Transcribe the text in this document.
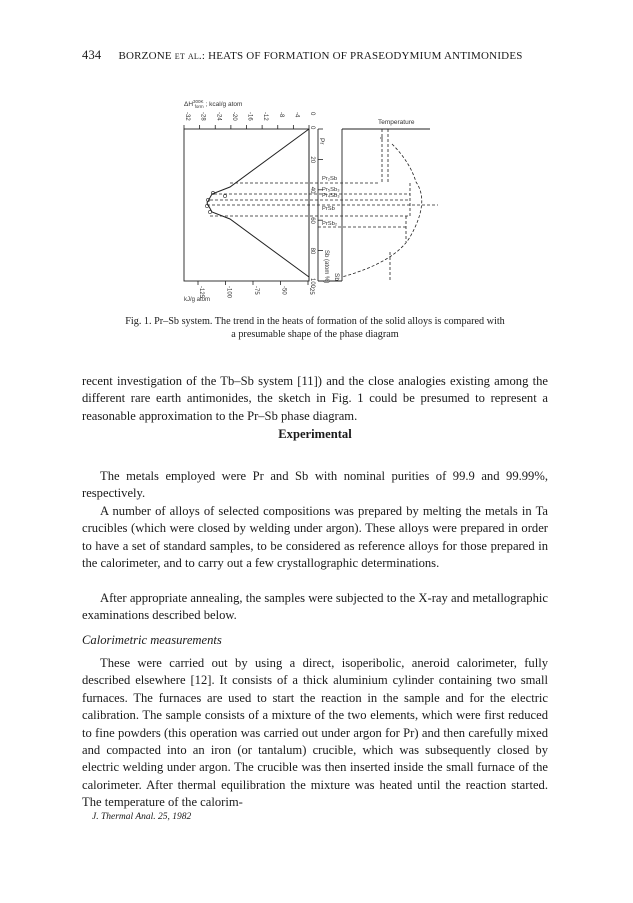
434 BORZONE et al.: HEATS OF FORMATION OF PRASEODYMIUM ANTIMONIDES
$\Delta H^{300K}$ form ; kcal/g atom
-32 -28 -24 -20 -16 -12 -8 -4 0
-125	-100	-75	-50	-25
kJ/g atom
0
20
40
60
80
100 Sb (atom %)
Pr
Sb
Temperature
Pr₂Sb
Pr₅Sb₃
Pr₄Sb₃
PrSb
PrSb₂
Fig. 1. Pr–Sb system. The trend in the heats of formation of the solid alloys is compared with
a presumable shape of the phase diagram

recent investigation of the Tb–Sb system [11]) and the close analogies existing among the different rare earth antimonides, the sketch in Fig. 1 could be presumed to represent a reasonable approximation to the Pr–Sb phase diagram.

Experimental

The metals employed were Pr and Sb with nominal purities of 99.9 and 99.99%, respectively.

A number of alloys of selected compositions was prepared by melting the metals in Ta crucibles (which were closed by welding under argon). These alloys were prepared in order to have a set of standard samples, to be considered as reference alloys for those prepared in the calorimeter, and to carry out a few crystallographic determinations.

After appropriate annealing, the samples were subjected to the X-ray and metallographic examinations described below.

Calorimetric measurements

These were carried out by using a direct, isoperibolic, aneroid calorimeter, fully described elsewhere [12]. It consists of a thick aluminium cylinder containing two small furnaces. The furnaces are used to start the reaction in the sample and for the electric calibration. The sample consists of a mixture of the two elements, which were first reduced to fine powders (this operation was carried out under argon for Pr) and then carefully mixed and compacted into an iron (or tantalum) crucible, which was subsequently closed by electric welding under argon. The crucible was then inserted inside the small furnace of the calorimeter. After thermal equilibration the mixture was heated until the reaction started. The temperature of the calorim-

J. Thermal Anal. 25, 1982
